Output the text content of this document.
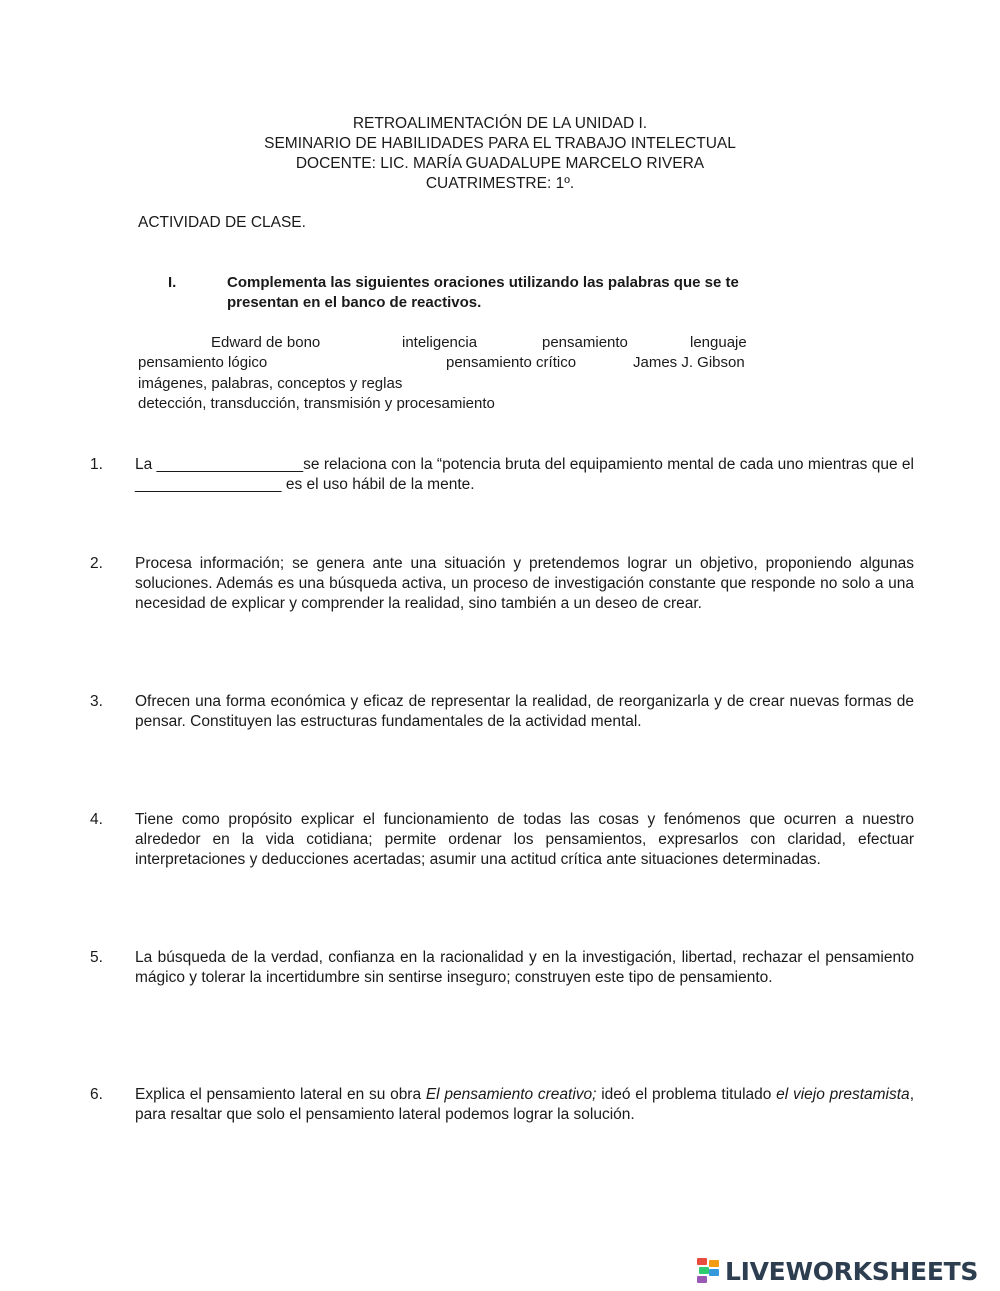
RETROALIMENTACIÓN DE LA UNIDAD I.
SEMINARIO DE HABILIDADES PARA EL TRABAJO INTELECTUAL
DOCENTE: LIC. MARÍA GUADALUPE MARCELO RIVERA
CUATRIMESTRE: 1º.
ACTIVIDAD DE CLASE.
I.	Complementa las siguientes oraciones utilizando las palabras que se te
presentan en el banco de reactivos.
Edward de bono	inteligencia	pensamiento	lenguaje
pensamiento lógico	pensamiento crítico	James J. Gibson
imágenes, palabras, conceptos y reglas
detección, transducción, transmisión y procesamiento
1. La _________________se relaciona con la “potencia bruta del equipamiento mental de cada uno mientras que el _________________ es el uso hábil de la mente.
2. Procesa información; se genera ante una situación y pretendemos lograr un objetivo, proponiendo algunas soluciones. Además es una búsqueda activa, un proceso de investigación constante que responde no solo a una necesidad de explicar y comprender la realidad, sino también a un deseo de crear.
3. Ofrecen una forma económica y eficaz de representar la realidad, de reorganizarla y de crear nuevas formas de pensar. Constituyen las estructuras fundamentales de la actividad mental.
4. Tiene como propósito explicar el funcionamiento de todas las cosas y fenómenos que ocurren a nuestro alrededor en la vida cotidiana; permite ordenar los pensamientos, expresarlos con claridad, efectuar interpretaciones y deducciones acertadas; asumir una actitud crítica ante situaciones determinadas.
5. La búsqueda de la verdad, confianza en la racionalidad y en la investigación, libertad, rechazar el pensamiento mágico y tolerar la incertidumbre sin sentirse inseguro; construyen este tipo de pensamiento.
6. Explica el pensamiento lateral en su obra El pensamiento creativo; ideó el problema titulado el viejo prestamista, para resaltar que solo el pensamiento lateral podemos lograr la solución.
LIVEWORKSHEETS
